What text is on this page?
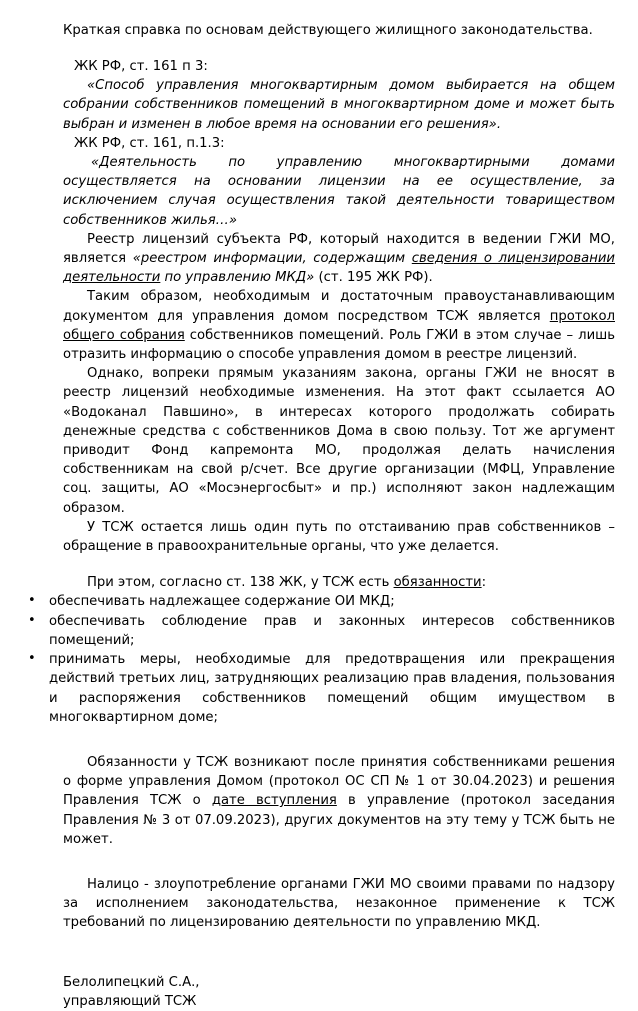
Краткая справка по основам действующего жилищного законодательства.

ЖК РФ, ст. 161 п 3:

«Способ управления многоквартирным домом выбирается на общем собрании собственников помещений в многоквартирном доме и может быть выбран и изменен в любое время на основании его решения».

ЖК РФ, ст. 161, п.1.3:

«Деятельность по управлению многоквартирными домами осуществляется на основании лицензии на ее осуществление, за исключением случая осуществления такой деятельности товариществом собственников жилья…»

Реестр лицензий субъекта РФ, который находится в ведении ГЖИ МО, является «реестром информации, содержащим сведения о лицензировании деятельности по управлению МКД» (ст. 195 ЖК РФ).

Таким образом, необходимым и достаточным правоустанавливающим документом для управления домом посредством ТСЖ является протокол общего собрания собственников помещений. Роль ГЖИ в этом случае – лишь отразить информацию о способе управления домом в реестре лицензий.

Однако, вопреки прямым указаниям закона, органы ГЖИ не вносят в реестр лицензий необходимые изменения. На этот факт ссылается АО «Водоканал Павшино», в интересах которого продолжать собирать денежные средства с собственников Дома в свою пользу. Тот же аргумент приводит Фонд капремонта МО, продолжая делать начисления собственникам на свой р/счет. Все другие организации (МФЦ, Управление соц. защиты, АО «Мосэнергосбыт» и пр.) исполняют закон надлежащим образом.

У ТСЖ остается лишь один путь по отстаиванию прав собственников – обращение в правоохранительные органы, что уже делается.

При этом, согласно ст. 138 ЖК, у ТСЖ есть обязанности:

• обеспечивать надлежащее содержание ОИ МКД;
• обеспечивать соблюдение прав и законных интересов собственников помещений;
• принимать меры, необходимые для предотвращения или прекращения действий третьих лиц, затрудняющих реализацию прав владения, пользования и распоряжения собственников помещений общим имуществом в многоквартирном доме;

Обязанности у ТСЖ возникают после принятия собственниками решения о форме управления Домом (протокол ОС СП № 1 от 30.04.2023) и решения Правления ТСЖ о дате вступления в управление (протокол заседания Правления № 3 от 07.09.2023), других документов на эту тему у ТСЖ быть не может.

Налицо - злоупотребление органами ГЖИ МО своими правами по надзору за исполнением законодательства, незаконное применение к ТСЖ требований по лицензированию деятельности по управлению МКД.

Белолипецкий С.А.,

управляющий ТСЖ
